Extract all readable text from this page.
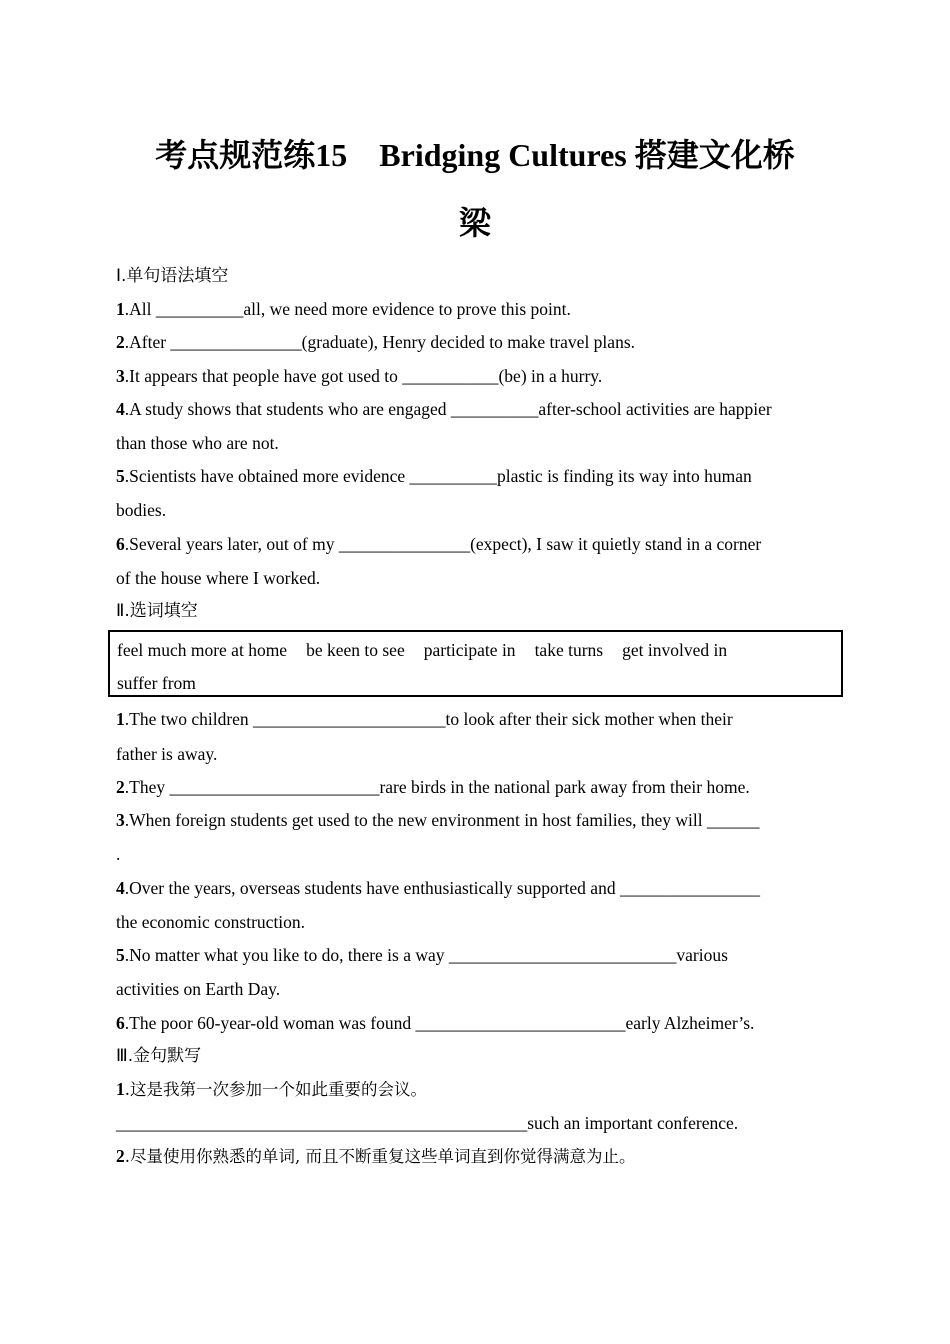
考点规范练15　Bridging Cultures 搭建文化桥
梁

Ⅰ.单句语法填空

1.All __________all, we need more evidence to prove this point.

2.After _______________(graduate), Henry decided to make travel plans.

3.It appears that people have got used to ___________(be) in a hurry.

4.A study shows that students who are engaged __________after-school activities are happier

than those who are not.

5.Scientists have obtained more evidence __________plastic is finding its way into human

bodies.

6.Several years later, out of my _______________(expect), I saw it quietly stand in a corner

of the house where I worked.

Ⅱ.选词填空

feel much more at home be keen to see participate in take turns get involved in

suffer from

1.The two children ______________________to look after their sick mother when their

father is away.

2.They ________________________rare birds in the national park away from their home.

3.When foreign students get used to the new environment in host families, they will ______

.

4.Over the years, overseas students have enthusiastically supported and ________________

the economic construction.

5.No matter what you like to do, there is a way __________________________various

activities on Earth Day.

6.The poor 60-year-old woman was found ________________________early Alzheimer’s.

Ⅲ.金句默写

1.这是我第一次参加一个如此重要的会议。

_______________________________________________such an important conference.

2.尽量使用你熟悉的单词, 而且不断重复这些单词直到你觉得满意为止。
